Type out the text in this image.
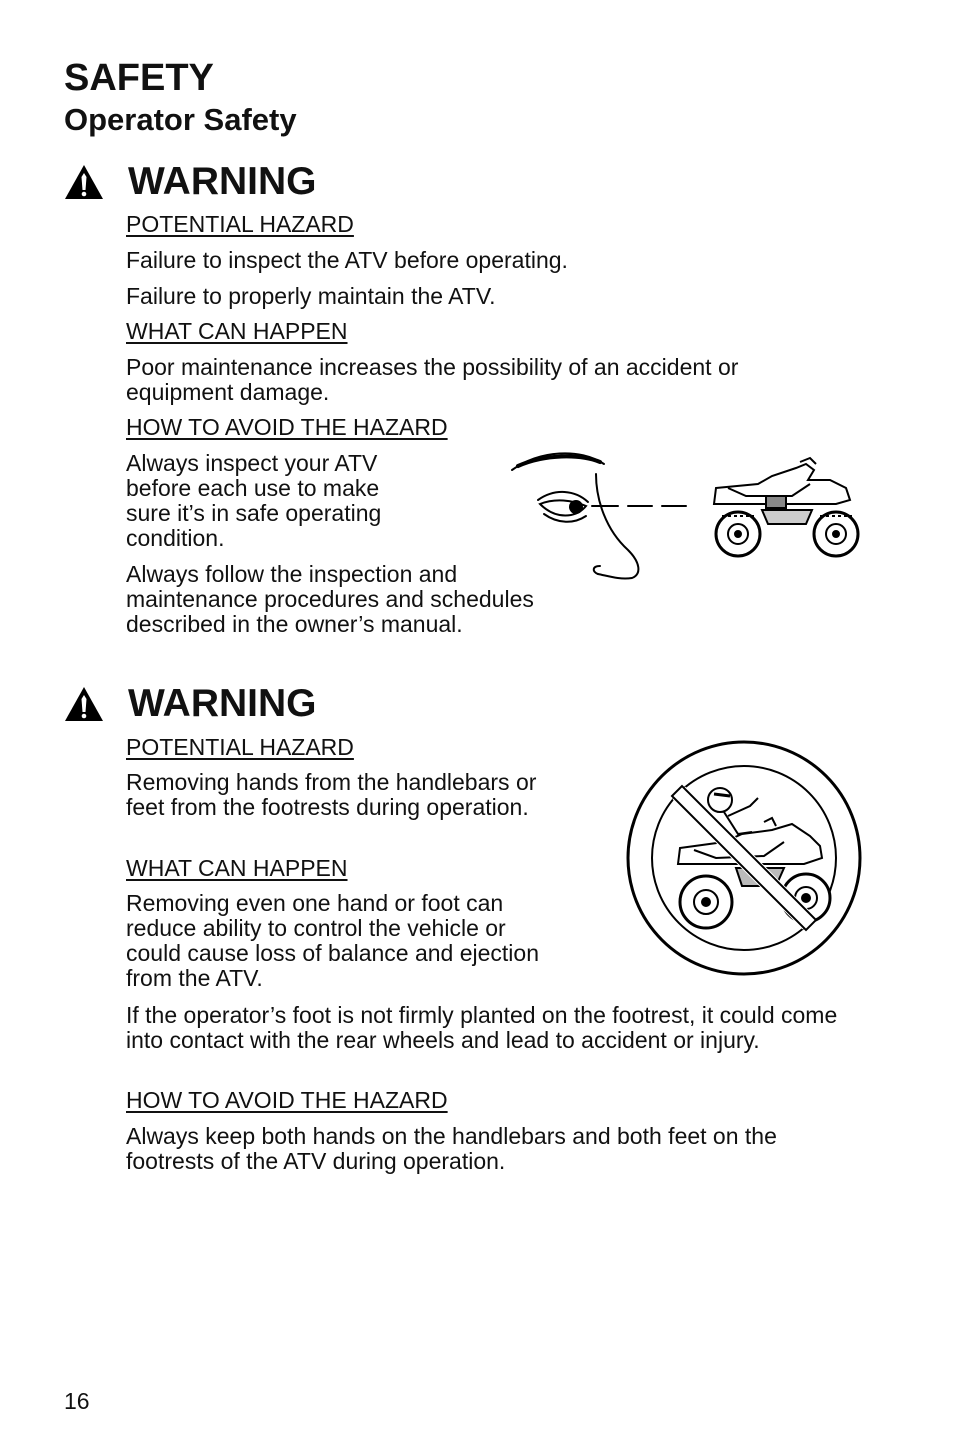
SAFETY
Operator Safety
WARNING

POTENTIAL HAZARD

Failure to inspect the ATV before operating.

Failure to properly maintain the ATV.

WHAT CAN HAPPEN

Poor maintenance increases the possibility of an accident or equipment damage.

HOW TO AVOID THE HAZARD

Always inspect your ATV before each use to make sure it’s in safe operating condition.

Always follow the inspection and maintenance procedures and schedules described in the owner’s manual.

WARNING

POTENTIAL HAZARD

Removing hands from the handlebars or feet from the footrests during operation.

WHAT CAN HAPPEN

Removing even one hand or foot can reduce ability to control the vehicle or could cause loss of balance and ejection from the ATV.

If the operator’s foot is not firmly planted on the footrest, it could come into contact with the rear wheels and lead to accident or injury.

HOW TO AVOID THE HAZARD

Always keep both hands on the handlebars and both feet on the footrests of the ATV during operation.

16
